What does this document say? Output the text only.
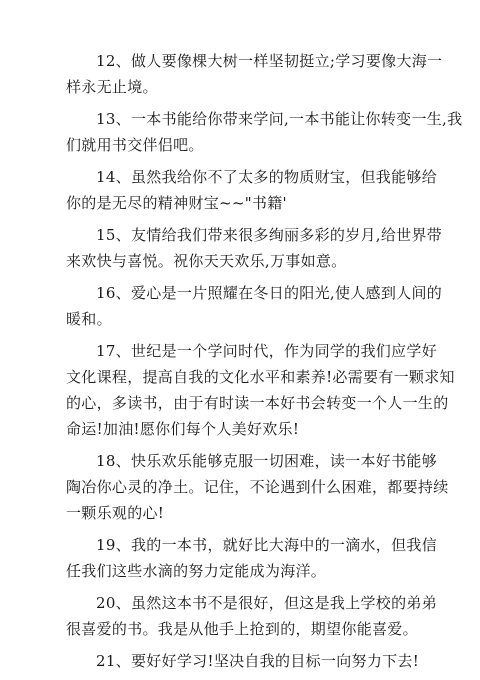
12、做人要像棵大树一样坚韧挺立;学习要像大海一
样永无止境。
13、一本书能给你带来学问,一本书能让你转变一生,我
们就用书交伴侣吧。
14、虽然我给你不了太多的物质财宝，但我能够给
你的是无尽的精神财宝~~"书籍'
15、友情给我们带来很多绚丽多彩的岁月,给世界带
来欢快与喜悦。祝你天天欢乐,万事如意。
16、爱心是一片照耀在冬日的阳光,使人感到人间的
暖和。
17、世纪是一个学问时代，作为同学的我们应学好
文化课程，提高自我的文化水平和素养!必需要有一颗求知
的心，多读书，由于有时读一本好书会转变一个人一生的
命运!加油!愿你们每个人美好欢乐!
18、快乐欢乐能够克服一切困难，读一本好书能够
陶冶你心灵的净土。记住，不论遇到什么困难，都要持续
一颗乐观的心!
19、我的一本书，就好比大海中的一滴水，但我信
任我们这些水滴的努力定能成为海洋。
20、虽然这本书不是很好，但这是我上学校的弟弟
很喜爱的书。我是从他手上抢到的，期望你能喜爱。
21、要好好学习!坚决自我的目标一向努力下去!
